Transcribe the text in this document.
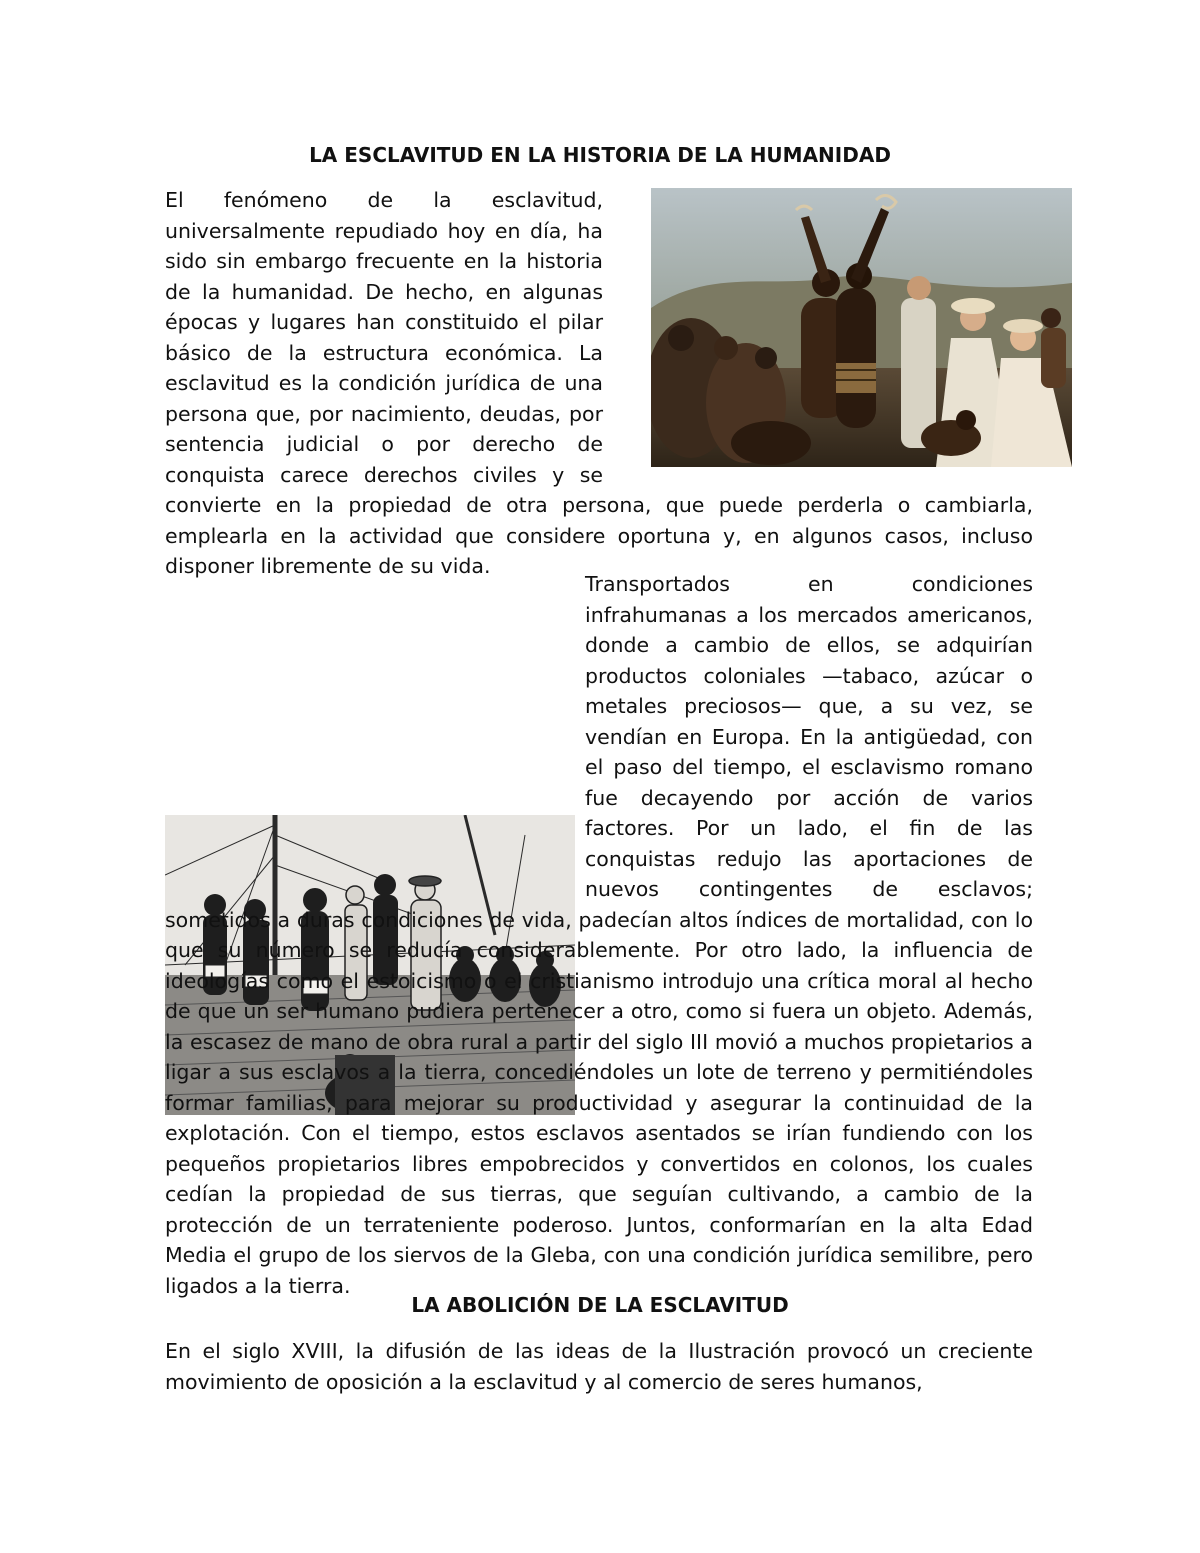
LA ESCLAVITUD EN LA HISTORIA DE LA HUMANIDAD

El fenómeno de la esclavitud, universalmente repudiado hoy en día, ha sido sin embargo frecuente en la historia de la humanidad. De hecho, en algunas épocas y lugares han constituido el pilar básico de la estructura económica. La esclavitud es la condición jurídica de una persona que, por nacimiento, deudas, por sentencia judicial o por derecho de conquista carece derechos civiles y se convierte en la propiedad de otra persona, que puede perderla o cambiarla, emplearla en la actividad que considere oportuna y, en algunos casos, incluso disponer libremente de su vida.

Transportados en condiciones infrahumanas a los mercados americanos, donde a cambio de ellos, se adquirían productos coloniales —tabaco, azúcar o metales preciosos— que, a su vez, se vendían en Europa. En la antigüedad, con el paso del tiempo, el esclavismo romano fue decayendo por acción de varios factores. Por un lado, el fin de las conquistas redujo las aportaciones de nuevos contingentes de esclavos; sometidos a duras condiciones de vida, padecían altos índices de mortalidad, con lo que su número se reducía considerablemente. Por otro lado, la influencia de ideologías como el estoicismo o el cristianismo introdujo una crítica moral al hecho de que un ser humano pudiera pertenecer a otro, como si fuera un objeto. Además, la escasez de mano de obra rural a partir del siglo III movió a muchos propietarios a ligar a sus esclavos a la tierra, concediéndoles un lote de terreno y permitiéndoles formar familias, para mejorar su productividad y asegurar la continuidad de la explotación. Con el tiempo, estos esclavos asentados se irían fundiendo con los pequeños propietarios libres empobrecidos y convertidos en colonos, los cuales cedían la propiedad de sus tierras, que seguían cultivando, a cambio de la protección de un terrateniente poderoso. Juntos, conformarían en la alta Edad Media el grupo de los siervos de la Gleba, con una condición jurídica semilibre, pero ligados a la tierra.

LA ABOLICIÓN DE LA ESCLAVITUD

En el siglo XVIII, la difusión de las ideas de la Ilustración provocó un creciente movimiento de oposición a la esclavitud y al comercio de seres humanos,
